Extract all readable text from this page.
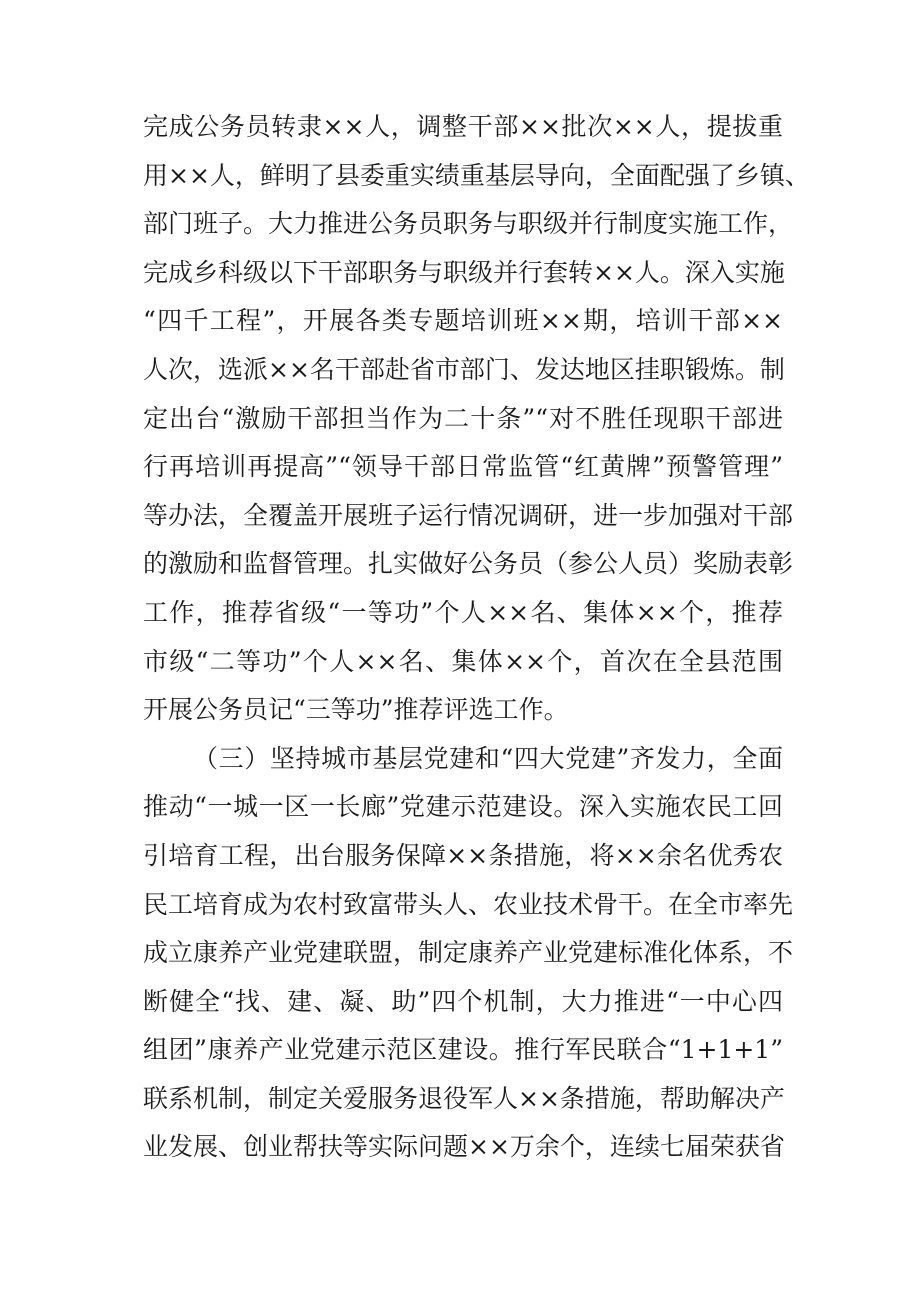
完成公务员转隶××人，调整干部××批次××人，提拔重
用××人，鲜明了县委重实绩重基层导向，全面配强了乡镇、
部门班子。大力推进公务员职务与职级并行制度实施工作，
完成乡科级以下干部职务与职级并行套转××人。深入实施
“四千工程”，开展各类专题培训班××期，培训干部××
人次，选派××名干部赴省市部门、发达地区挂职锻炼。制
定出台“激励干部担当作为二十条”“对不胜任现职干部进
行再培训再提高”“领导干部日常监管“红黄牌”预警管理”
等办法，全覆盖开展班子运行情况调研，进一步加强对干部
的激励和监督管理。扎实做好公务员（参公人员）奖励表彰
工作，推荐省级“一等功”个人××名、集体××个，推荐
市级“二等功”个人××名、集体××个，首次在全县范围
开展公务员记“三等功”推荐评选工作。
（三）坚持城市基层党建和“四大党建”齐发力，全面
推动“一城一区一长廊”党建示范建设。深入实施农民工回
引培育工程，出台服务保障××条措施，将××余名优秀农
民工培育成为农村致富带头人、农业技术骨干。在全市率先
成立康养产业党建联盟，制定康养产业党建标准化体系，不
断健全“找、建、凝、助”四个机制，大力推进“一中心四
组团”康养产业党建示范区建设。推行军民联合“1+1+1”
联系机制，制定关爱服务退役军人××条措施，帮助解决产
业发展、创业帮扶等实际问题××万余个，连续七届荣获省
